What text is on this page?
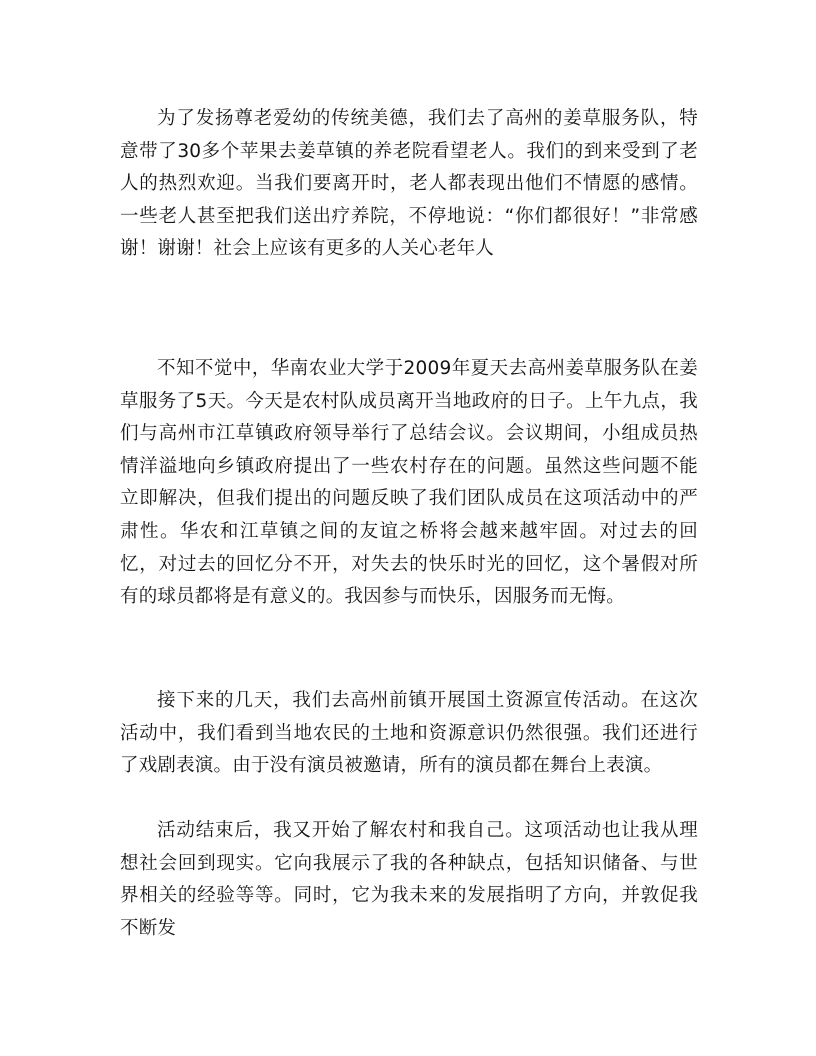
为了发扬尊老爱幼的传统美德，我们去了高州的姜草服务队，特意带了30多个苹果去姜草镇的养老院看望老人。我们的到来受到了老人的热烈欢迎。当我们要离开时，老人都表现出他们不情愿的感情。一些老人甚至把我们送出疗养院，不停地说：“你们都很好！”非常感谢！谢谢！社会上应该有更多的人关心老年人

不知不觉中，华南农业大学于2009年夏天去高州姜草服务队在姜草服务了5天。今天是农村队成员离开当地政府的日子。上午九点，我们与高州市江草镇政府领导举行了总结会议。会议期间，小组成员热情洋溢地向乡镇政府提出了一些农村存在的问题。虽然这些问题不能立即解决，但我们提出的问题反映了我们团队成员在这项活动中的严肃性。华农和江草镇之间的友谊之桥将会越来越牢固。对过去的回忆，对过去的回忆分不开，对失去的快乐时光的回忆，这个暑假对所有的球员都将是有意义的。我因参与而快乐，因服务而无悔。

接下来的几天，我们去高州前镇开展国土资源宣传活动。在这次活动中，我们看到当地农民的土地和资源意识仍然很强。我们还进行了戏剧表演。由于没有演员被邀请，所有的演员都在舞台上表演。

活动结束后，我又开始了解农村和我自己。这项活动也让我从理想社会回到现实。它向我展示了我的各种缺点，包括知识储备、与世界相关的经验等等。同时，它为我未来的发展指明了方向，并敦促我不断发
